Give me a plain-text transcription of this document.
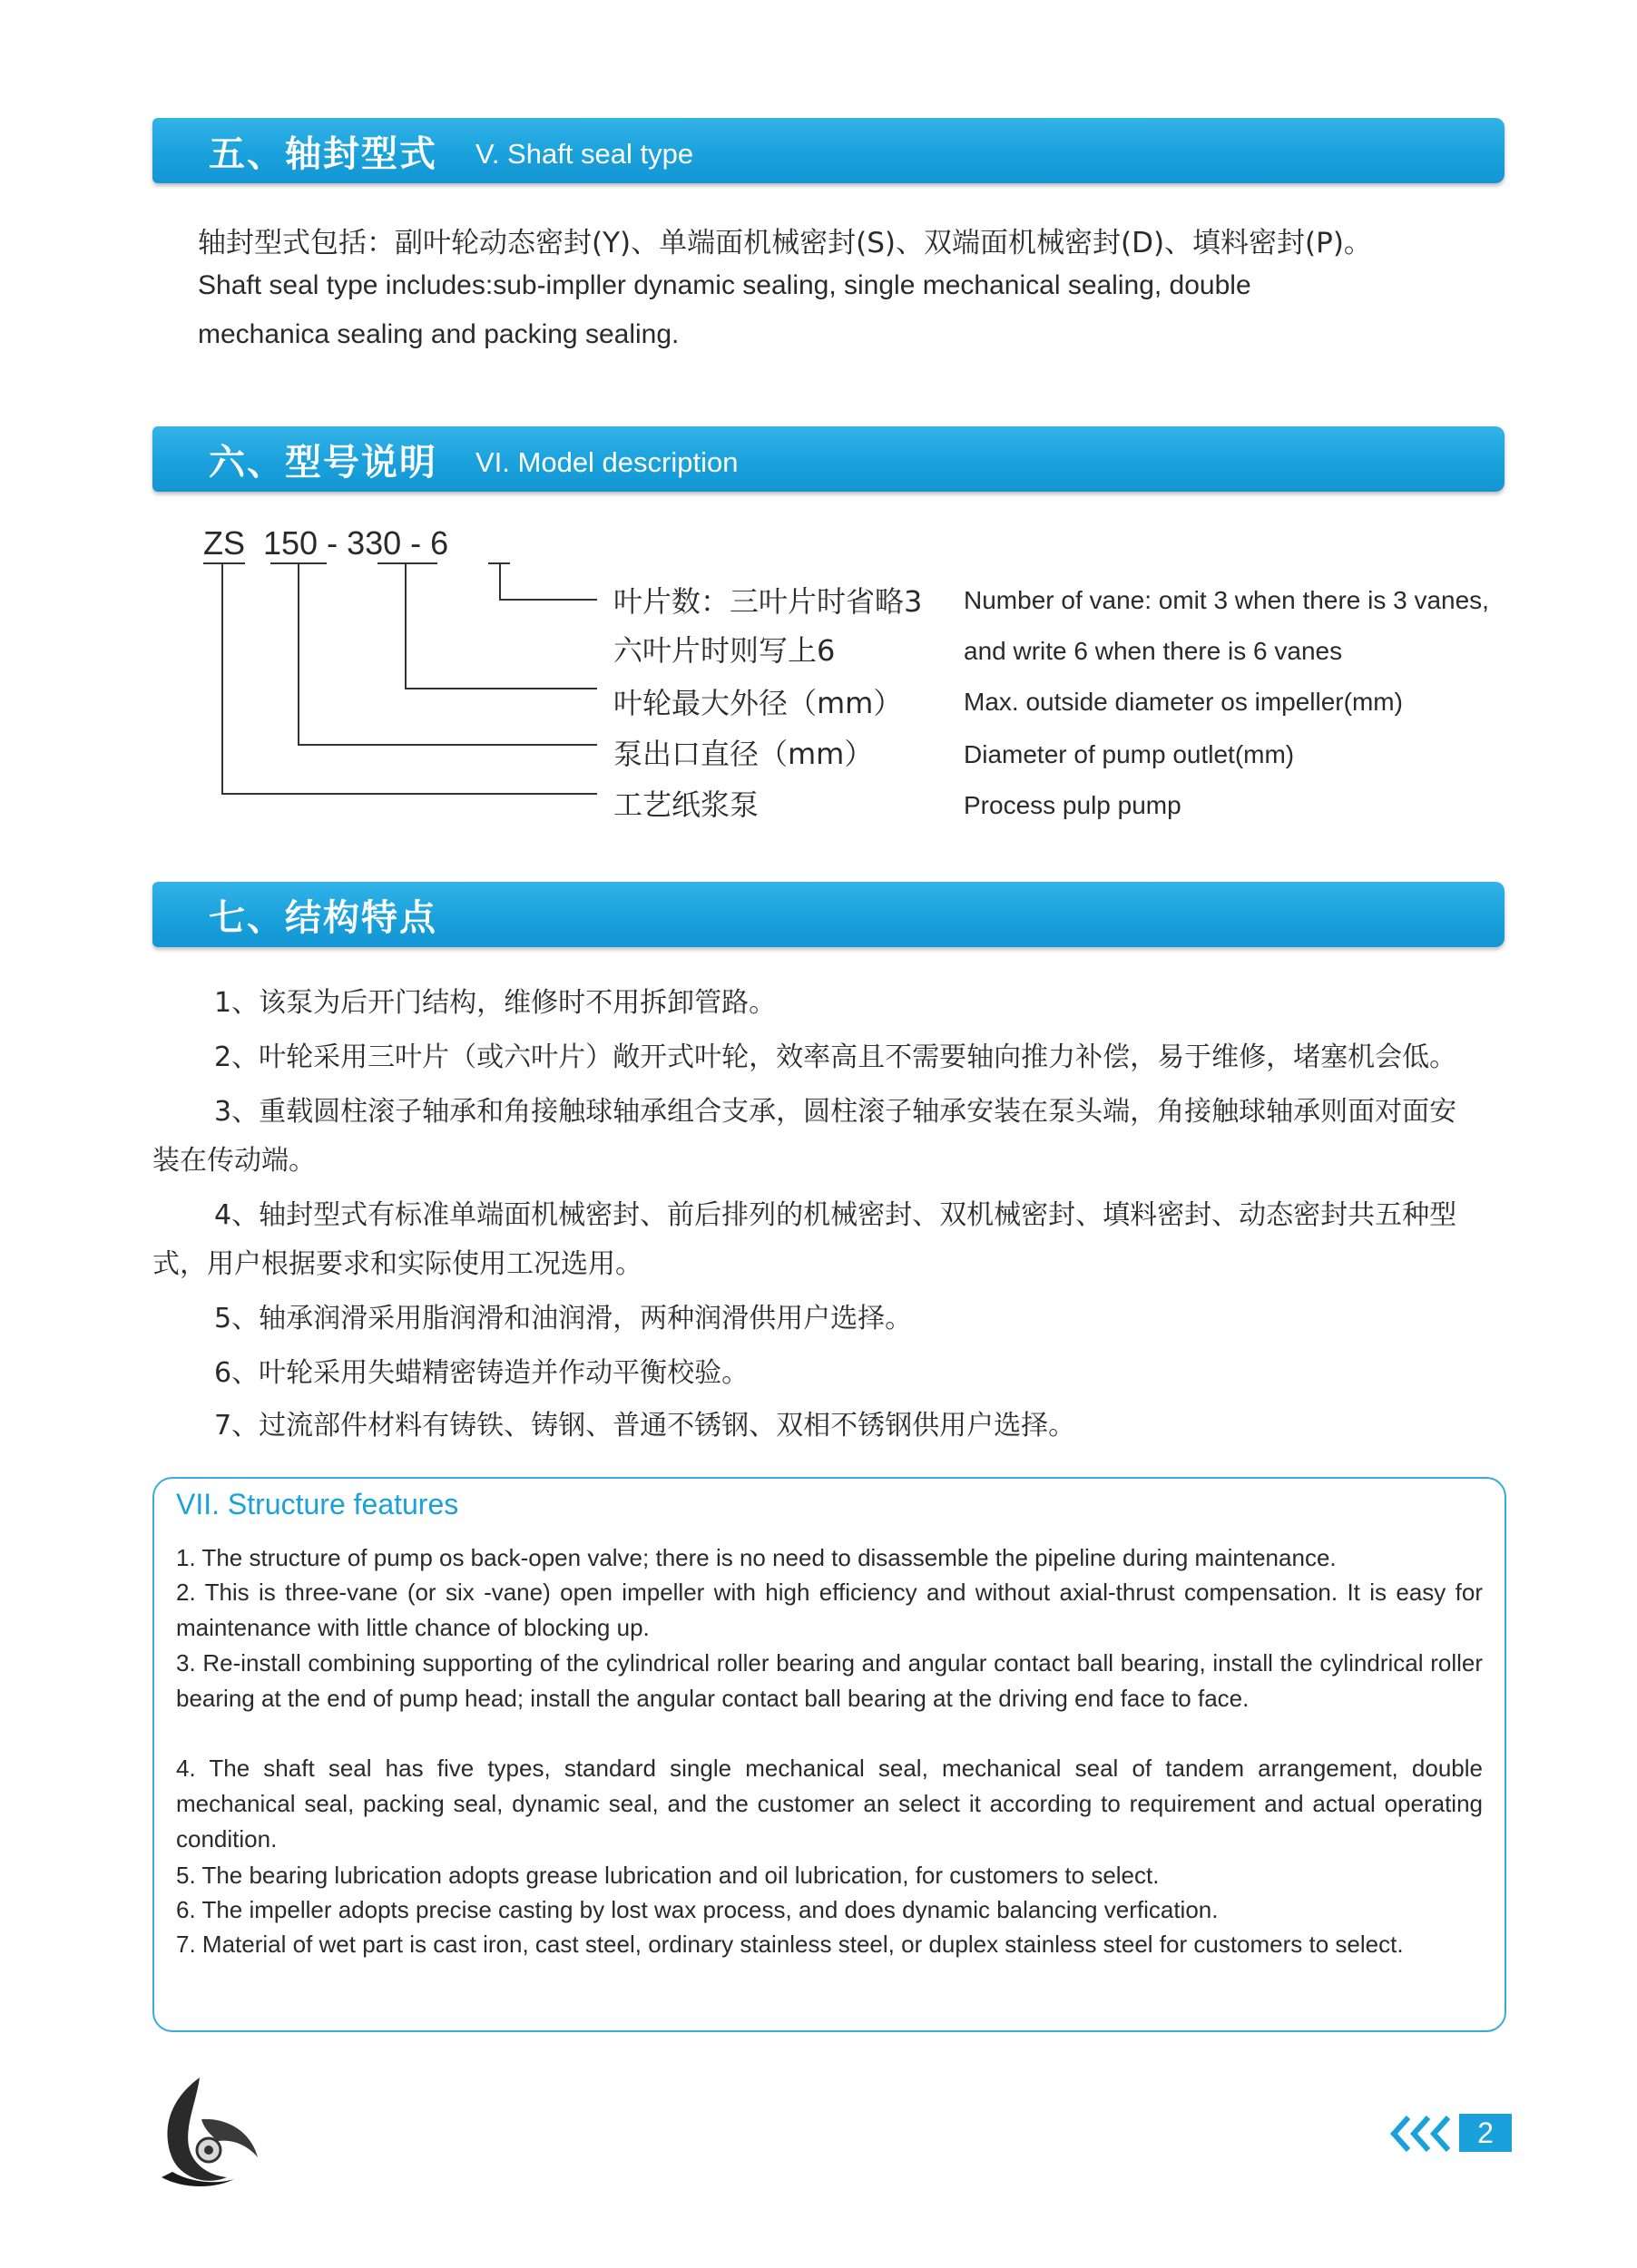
五、轴封型式 V. Shaft seal type
轴封型式包括：副叶轮动态密封(Y)、单端面机械密封(S)、双端面机械密封(D)、填料密封(P)。
Shaft seal type includes:sub-impller dynamic sealing, single mechanical sealing, double
mechanica sealing and packing sealing.
六、型号说明 VI. Model description
ZS  150 - 330 - 6
叶片数：三叶片时省略3
六叶片时则写上6
叶轮最大外径（mm）
泵出口直径（mm）
工艺纸浆泵
Number of vane: omit 3 when there is 3 vanes,
and write 6 when there is 6 vanes
Max. outside diameter os impeller(mm)
Diameter of pump outlet(mm)
Process pulp pump
七、结构特点
1、该泵为后开门结构，维修时不用拆卸管路。
2、叶轮采用三叶片（或六叶片）敞开式叶轮，效率高且不需要轴向推力补偿，易于维修，堵塞机会低。
3、重载圆柱滚子轴承和角接触球轴承组合支承，圆柱滚子轴承安装在泵头端，角接触球轴承则面对面安
装在传动端。
4、轴封型式有标准单端面机械密封、前后排列的机械密封、双机械密封、填料密封、动态密封共五种型
式，用户根据要求和实际使用工况选用。
5、轴承润滑采用脂润滑和油润滑，两种润滑供用户选择。
6、叶轮采用失蜡精密铸造并作动平衡校验。
7、过流部件材料有铸铁、铸钢、普通不锈钢、双相不锈钢供用户选择。
VII. Structure features
1. The structure of pump os back-open valve; there is no need to disassemble the pipeline during maintenance.
2. This is three-vane (or six -vane) open impeller with high efficiency and without axial-thrust compensation. It is easy for maintenance with little chance of blocking up.
3. Re-install combining supporting of the cylindrical roller bearing and angular contact ball bearing, install the cylindrical roller bearing at the end of pump head; install the angular contact ball bearing at the driving end face to face.
4. The shaft seal has five types, standard single mechanical seal, mechanical seal of tandem arrangement, double mechanical seal, packing seal, dynamic seal, and the customer an select it according to requirement and actual operating condition.
5. The bearing lubrication adopts grease lubrication and oil lubrication, for customers to select.
6. The impeller adopts precise casting by lost wax process, and does dynamic balancing verfication.
7. Material of wet part is cast iron, cast steel, ordinary stainless steel, or duplex stainless steel for customers to select.
2
